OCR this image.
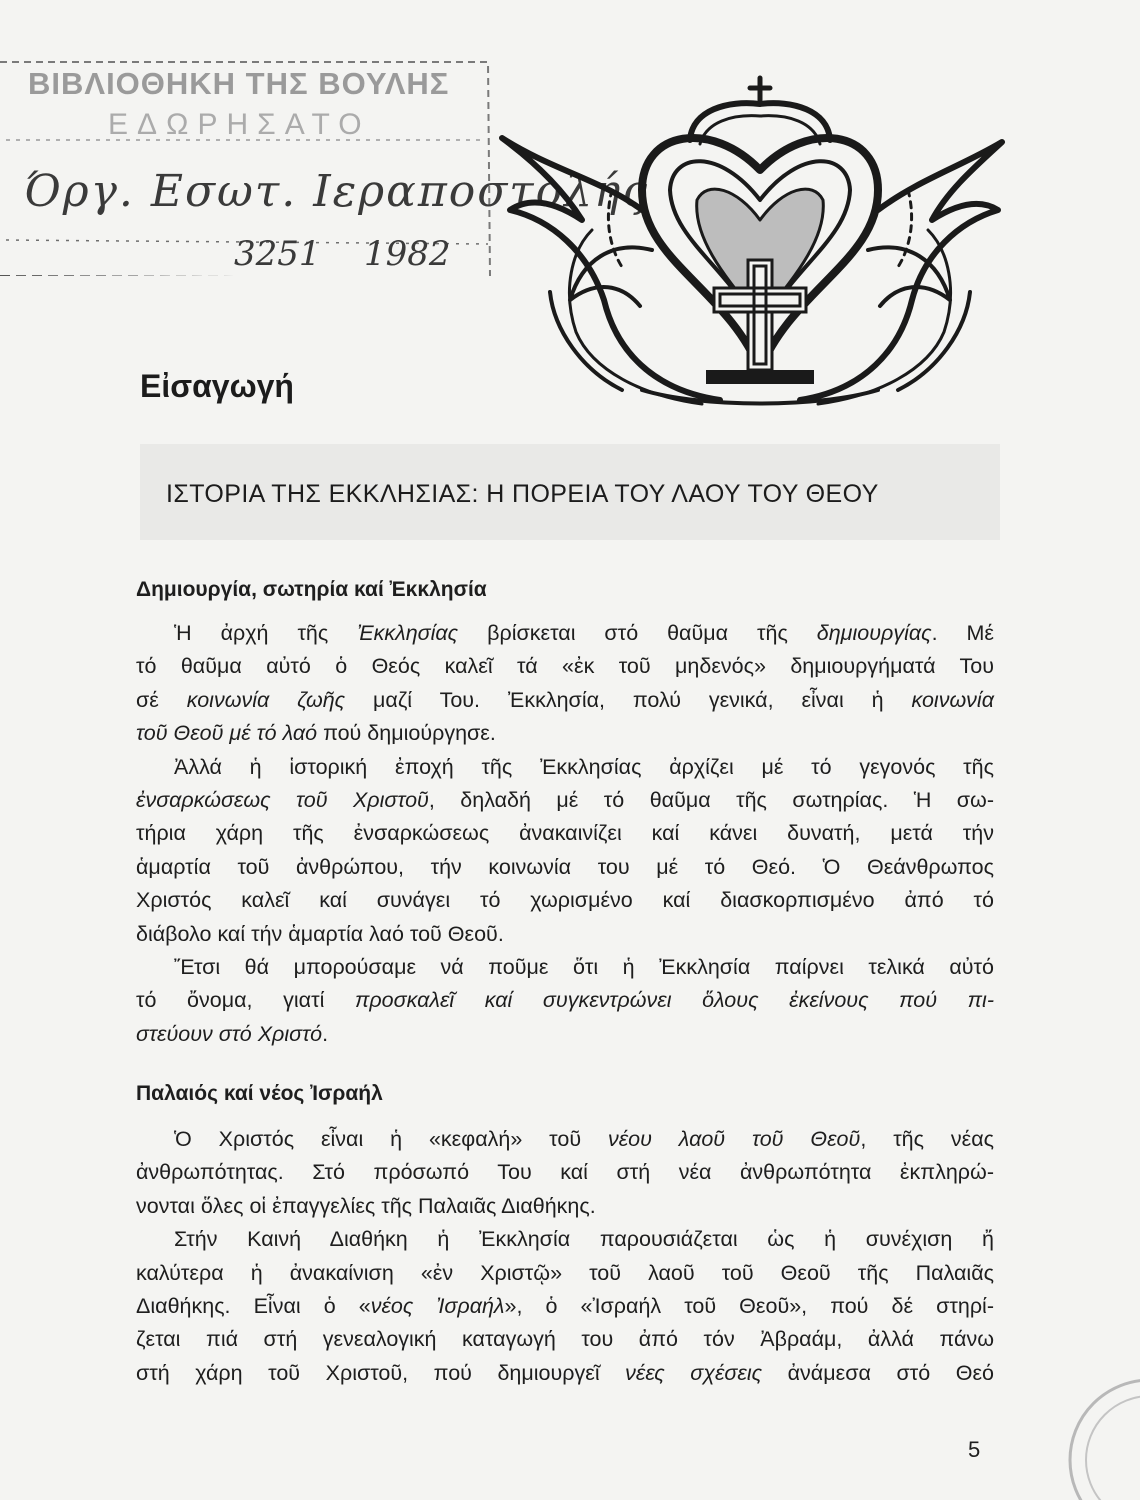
ΒΙΒΛΙΟΘΗΚΗ ΤΗΣ ΒΟΥΛΗΣ
ΕΔΩΡΗΣΑΤΟ
Όργ. Εσωτ. Ιεραποστολής
3251	1982
Εἰσαγωγή
ΙΣΤΟΡΙΑ ΤΗΣ ΕΚΚΛΗΣΙΑΣ: Η ΠΟΡΕΙΑ ΤΟΥ ΛΑΟΥ ΤΟΥ ΘΕΟΥ
Δημιουργία, σωτηρία καί Ἐκκλησία
Ἡ ἀρχή τῆς Ἐκκλησίας βρίσκεται στό θαῦμα τῆς δημιουργίας. Μέ
τό θαῦμα αὐτό ὁ Θεός καλεῖ τά «ἐκ τοῦ μηδενός» δημιουργήματά Του
σέ κοινωνία ζωῆς μαζί Του. Ἐκκλησία, πολύ γενικά, εἶναι ἡ κοινωνία
τοῦ Θεοῦ μέ τό λαό πού δημιούργησε.
Ἀλλά ἡ ἱστορική ἐποχή τῆς Ἐκκλησίας ἀρχίζει μέ τό γεγονός τῆς
ἐνσαρκώσεως τοῦ Χριστοῦ, δηλαδή μέ τό θαῦμα τῆς σωτηρίας. Ἡ σω-
τήρια χάρη τῆς ἐνσαρκώσεως ἀνακαινίζει καί κάνει δυνατή, μετά τήν
ἁμαρτία τοῦ ἀνθρώπου, τήν κοινωνία του μέ τό Θεό. Ὁ Θεάνθρωπος
Χριστός καλεῖ καί συνάγει τό χωρισμένο καί διασκορπισμένο ἀπό τό
διάβολο καί τήν ἁμαρτία λαό τοῦ Θεοῦ.
Ἔτσι θά μπορούσαμε νά ποῦμε ὅτι ἡ Ἐκκλησία παίρνει τελικά αὐτό
τό ὄνομα, γιατί προσκαλεῖ καί συγκεντρώνει ὅλους ἐκείνους πού πι-
στεύουν στό Χριστό.
Παλαιός καί νέος Ἰσραήλ
Ὁ Χριστός εἶναι ἡ «κεφαλή» τοῦ νέου λαοῦ τοῦ Θεοῦ, τῆς νέας
ἀνθρωπότητας. Στό πρόσωπό Του καί στή νέα ἀνθρωπότητα ἐκπληρώ-
νονται ὅλες οἱ ἐπαγγελίες τῆς Παλαιᾶς Διαθήκης.
Στήν Καινή Διαθήκη ἡ Ἐκκλησία παρουσιάζεται ὡς ἡ συνέχιση ἤ
καλύτερα ἡ ἀνακαίνιση «ἐν Χριστῷ» τοῦ λαοῦ τοῦ Θεοῦ τῆς Παλαιᾶς
Διαθήκης. Εἶναι ὁ «νέος Ἰσραήλ», ὁ «Ἰσραήλ τοῦ Θεοῦ», πού δέ στηρί-
ζεται πιά στή γενεαλογική καταγωγή του ἀπό τόν Ἀβραάμ, ἀλλά πάνω
στή χάρη τοῦ Χριστοῦ, πού δημιουργεῖ νέες σχέσεις ἀνάμεσα στό Θεό
5
